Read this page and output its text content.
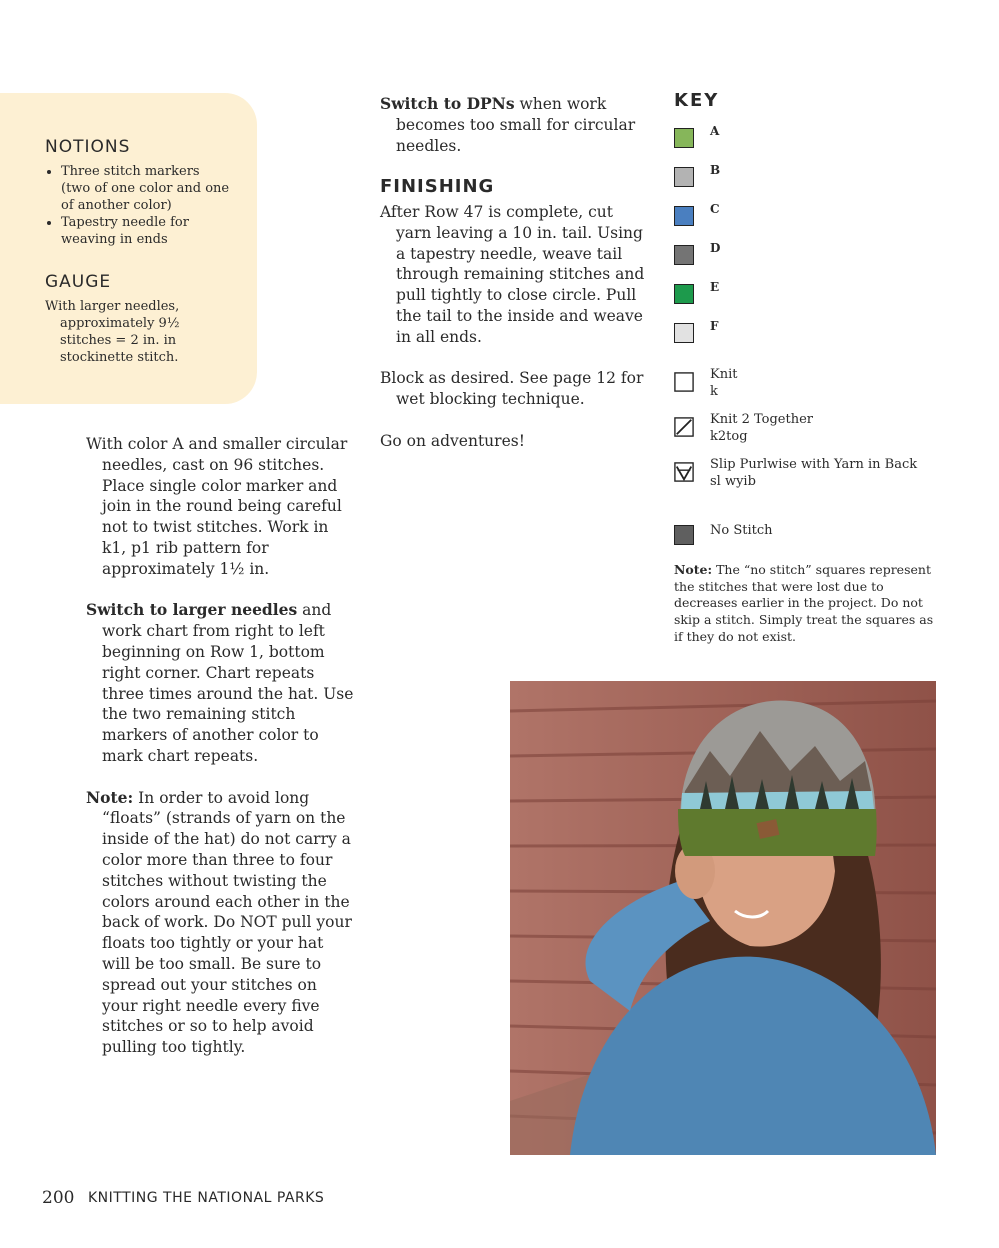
NOTIONS
• Three stitch markers (two of one color and one of another color)
• Tapestry needle for weaving in ends
GAUGE

With larger needles, approximately 9½ stitches = 2 in. in stockinette stitch.

With color A and smaller circular needles, cast on 96 stitches. Place single color marker and join in the round being careful not to twist stitches. Work in k1, p1 rib pattern for approximately 1½ in.

Switch to larger needles and work chart from right to left beginning on Row 1, bottom right corner. Chart repeats three times around the hat. Use the two remaining stitch markers of another color to mark chart repeats.

Note: In order to avoid long “floats” (strands of yarn on the inside of the hat) do not carry a color more than three to four stitches without twisting the colors around each other in the back of work. Do NOT pull your floats too tightly or your hat will be too small. Be sure to spread out your stitches on your right needle every five stitches or so to help avoid pulling too tightly.

Switch to DPNs when work becomes too small for circular needles.

FINISHING

After Row 47 is complete, cut yarn leaving a 10 in. tail. Using a tapestry needle, weave tail through remaining stitches and pull tightly to close circle. Pull the tail to the inside and weave in all ends.

Block as desired. See page 12 for wet blocking technique.

Go on adventures!

KEY
A
B
C
D
E
F
Knit
k
Knit 2 Together
k2tog
Slip Purlwise with Yarn in Back
sl wyib
No Stitch

Note: The “no stitch” squares represent the stitches that were lost due to decreases earlier in the project. Do not skip a stitch. Simply treat the squares as if they do not exist.

200 KNITTING THE NATIONAL PARKS
